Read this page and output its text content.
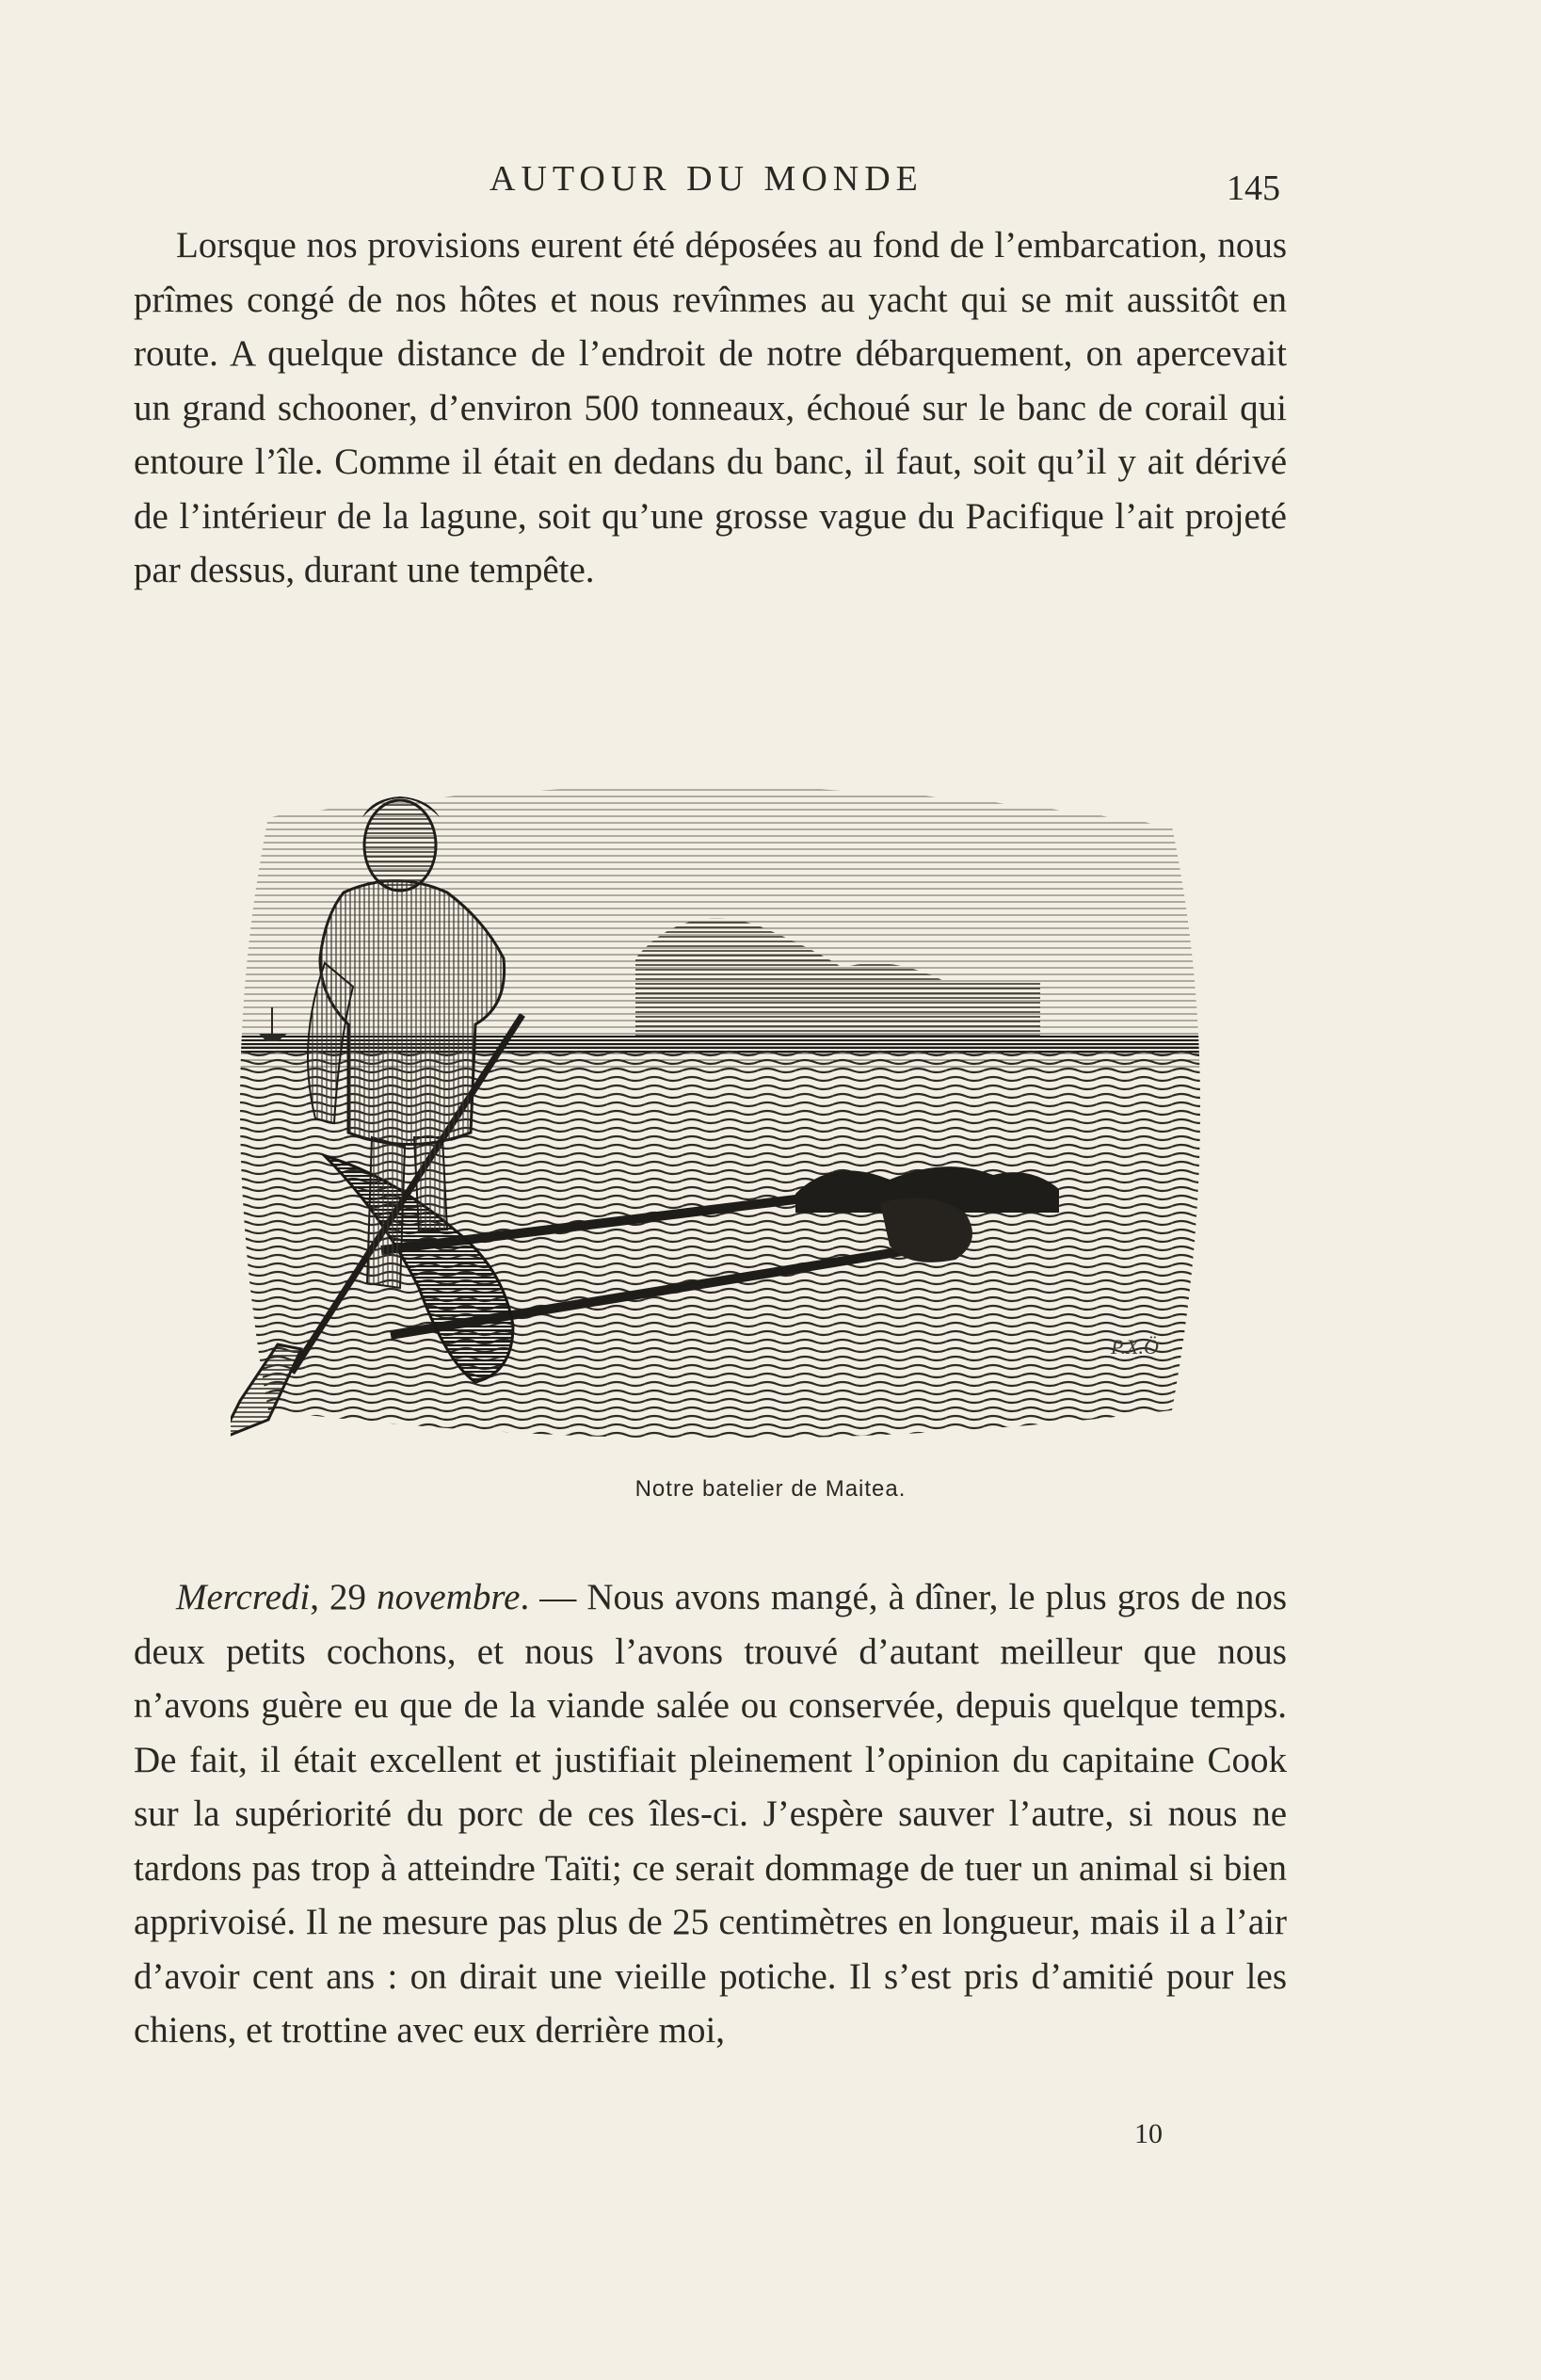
AUTOUR DU MONDE	145

Lorsque nos provisions eurent été déposées au fond de l’embarcation, nous prîmes congé de nos hôtes et nous revînmes au yacht qui se mit aussitôt en route. A quelque distance de l’endroit de notre débarquement, on apercevait un grand schooner, d’environ 500 tonneaux, échoué sur le banc de corail qui entoure l’île. Comme il était en dedans du banc, il faut, soit qu’il y ait dérivé de l’intérieur de la lagune, soit qu’une grosse vague du Pacifique l’ait projeté par dessus, durant une tempête.

P.X.Ö
Notre batelier de Maitea.

Mercredi, 29 novembre. — Nous avons mangé, à dîner, le plus gros de nos deux petits cochons, et nous l’avons trouvé d’autant meilleur que nous n’avons guère eu que de la viande salée ou conservée, depuis quelque temps. De fait, il était excellent et justifiait pleinement l’opinion du capitaine Cook sur la supériorité du porc de ces îles-ci. J’espère sauver l’autre, si nous ne tardons pas trop à atteindre Taïti; ce serait dommage de tuer un animal si bien apprivoisé. Il ne mesure pas plus de 25 centimètres en longueur, mais il a l’air d’avoir cent ans : on dirait une vieille potiche. Il s’est pris d’amitié pour les chiens, et trottine avec eux derrière moi,

10
